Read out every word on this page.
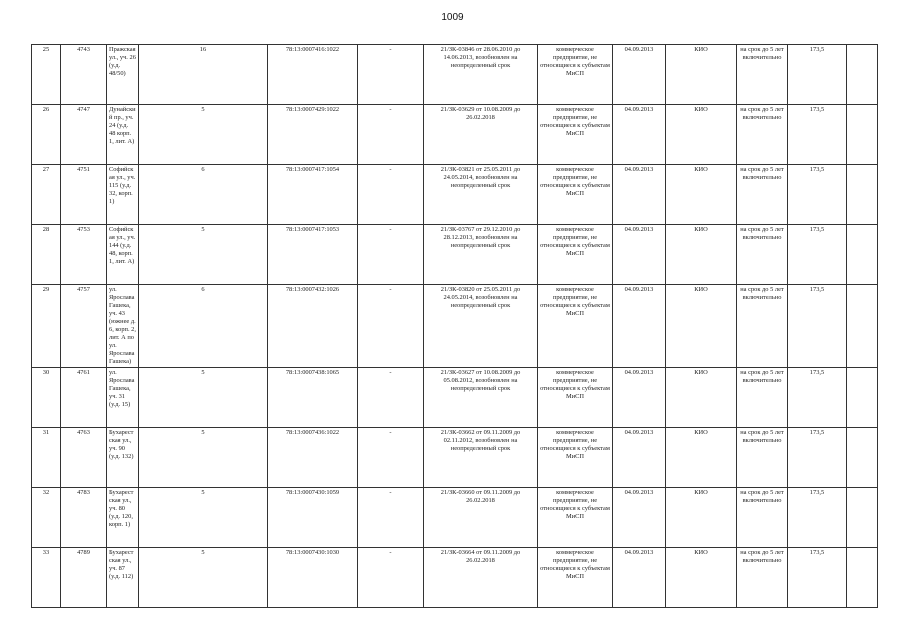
1009
25	4743	Пражская ул., уч. 26 (у.д. 48/50)	16	78:13:0007416:1022	-	21/ЗК-03846 от 28.06.2010 до 14.06.2013, возобновлен на неопределенный срок	коммерческое предприятие, не относящиеся к субъектам МиСП	04.09.2013	КИО	на срок до 5 лет включительно	173,5	
26	4747	Дунайский пр., уч. 24 (у.д. 48 корп. 1, лит. А)	5	78:13:0007429:1022	-	21/ЗК-03629 от 10.08.2009 до 26.02.2018	коммерческое предприятие, не относящиеся к субъектам МиСП	04.09.2013	КИО	на срок до 5 лет включительно	173,5	
27	4751	Софийская ул., уч. 115 (у.д. 32, корп. 1)	6	78:13:0007417:1054	-	21/ЗК-03821 от 25.05.2011 до 24.05.2014, возобновлен на неопределенный срок	коммерческое предприятие, не относящиеся к субъектам МиСП	04.09.2013	КИО	на срок до 5 лет включительно	173,5	
28	4753	Софийская ул., уч. 144 (у.д. 48, корп. 1, лит. А)	5	78:13:0007417:1053	-	21/ЗК-03767 от 29.12.2010 до 28.12.2013, возобновлен на неопределенный срок	коммерческое предприятие, не относящиеся к субъектам МиСП	04.09.2013	КИО	на срок до 5 лет включительно	173,5	
29	4757	ул. Ярослава Гашека, уч. 43 (южнее д. 6, корп. 2, лит. А по ул. Ярослава Гашека)	6	78:13:0007432:1026	-	21/ЗК-03820 от 25.05.2011 до 24.05.2014, возобновлен на неопределенный срок	коммерческое предприятие, не относящиеся к субъектам МиСП	04.09.2013	КИО	на срок до 5 лет включительно	173,5	
30	4761	ул. Ярослава Гашека, уч. 31 (у.д. 15)	5	78:13:0007438:1065	-	21/ЗК-03627 от 10.08.2009 до 05.08.2012, возобновлен на неопределенный срок	коммерческое предприятие, не относящиеся к субъектам МиСП	04.09.2013	КИО	на срок до 5 лет включительно	173,5	
31	4763	Бухарестская ул., уч. 90 (у.д. 132)	5	78:13:0007436:1022	-	21/ЗК-03662 от 09.11.2009 до 02.11.2012, возобновлен на неопределенный срок	коммерческое предприятие, не относящиеся к субъектам МиСП	04.09.2013	КИО	на срок до 5 лет включительно	173,5	
32	4783	Бухарестская ул., уч. 80 (у.д. 120, корп. 1)	5	78:13:0007430:1059	-	21/ЗК-03660 от 09.11.2009 до 26.02.2018	коммерческое предприятие, не относящиеся к субъектам МиСП	04.09.2013	КИО	на срок до 5 лет включительно	173,5	
33	4789	Бухарестская ул., уч. 87 (у.д. 112)	5	78:13:0007430:1030	-	21/ЗК-03664 от 09.11.2009 до 26.02.2018	коммерческое предприятие, не относящиеся к субъектам МиСП	04.09.2013	КИО	на срок до 5 лет включительно	173,5	
